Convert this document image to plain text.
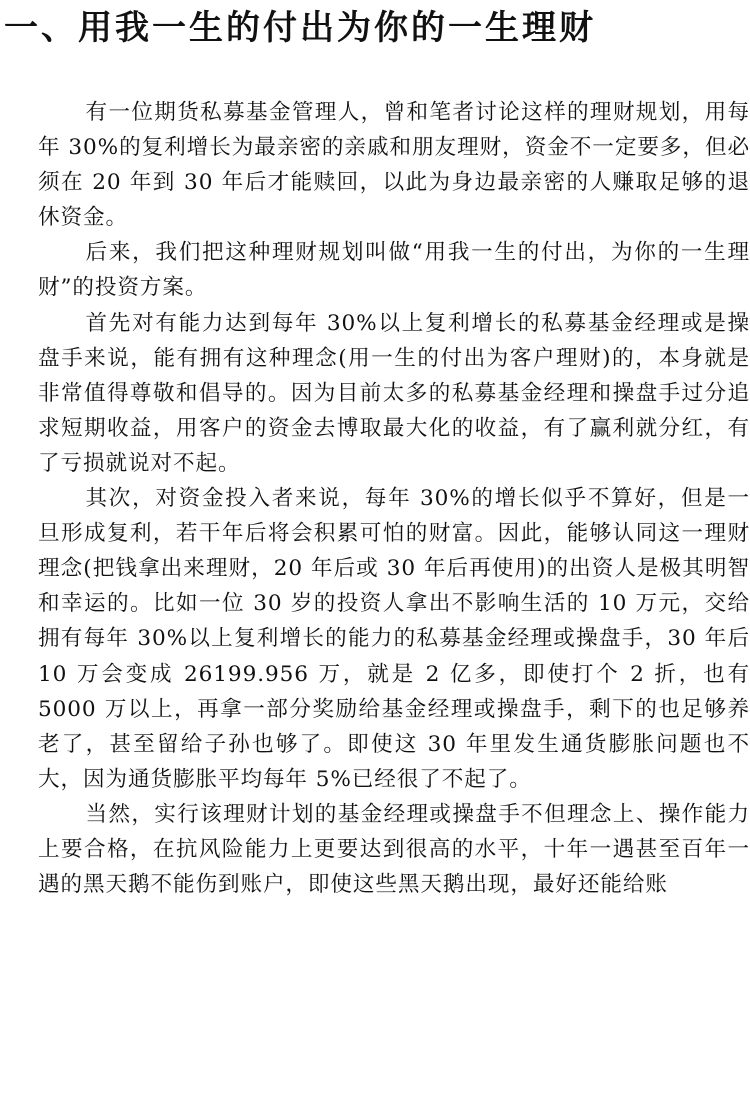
一、用我一生的付出为你的一生理财

有一位期货私募基金管理人，曾和笔者讨论这样的理财规划，用每年 30%的复利增长为最亲密的亲戚和朋友理财，资金不一定要多，但必须在 20 年到 30 年后才能赎回，以此为身边最亲密的人赚取足够的退休资金。

后来，我们把这种理财规划叫做“用我一生的付出，为你的一生理财”的投资方案。

首先对有能力达到每年 30%以上复利增长的私募基金经理或是操盘手来说，能有拥有这种理念(用一生的付出为客户理财)的，本身就是非常值得尊敬和倡导的。因为目前太多的私募基金经理和操盘手过分追求短期收益，用客户的资金去博取最大化的收益，有了赢利就分红，有了亏损就说对不起。

其次，对资金投入者来说，每年 30%的增长似乎不算好，但是一旦形成复利，若干年后将会积累可怕的财富。因此，能够认同这一理财理念(把钱拿出来理财，20 年后或 30 年后再使用)的出资人是极其明智和幸运的。比如一位 30 岁的投资人拿出不影响生活的 10 万元，交给拥有每年 30%以上复利增长的能力的私募基金经理或操盘手，30 年后 10 万会变成 26199.956 万，就是 2 亿多，即使打个 2 折，也有 5000 万以上，再拿一部分奖励给基金经理或操盘手，剩下的也足够养老了，甚至留给子孙也够了。即使这 30 年里发生通货膨胀问题也不大，因为通货膨胀平均每年 5%已经很了不起了。

当然，实行该理财计划的基金经理或操盘手不但理念上、操作能力上要合格，在抗风险能力上更要达到很高的水平，十年一遇甚至百年一遇的黑天鹅不能伤到账户，即使这些黑天鹅出现，最好还能给账
